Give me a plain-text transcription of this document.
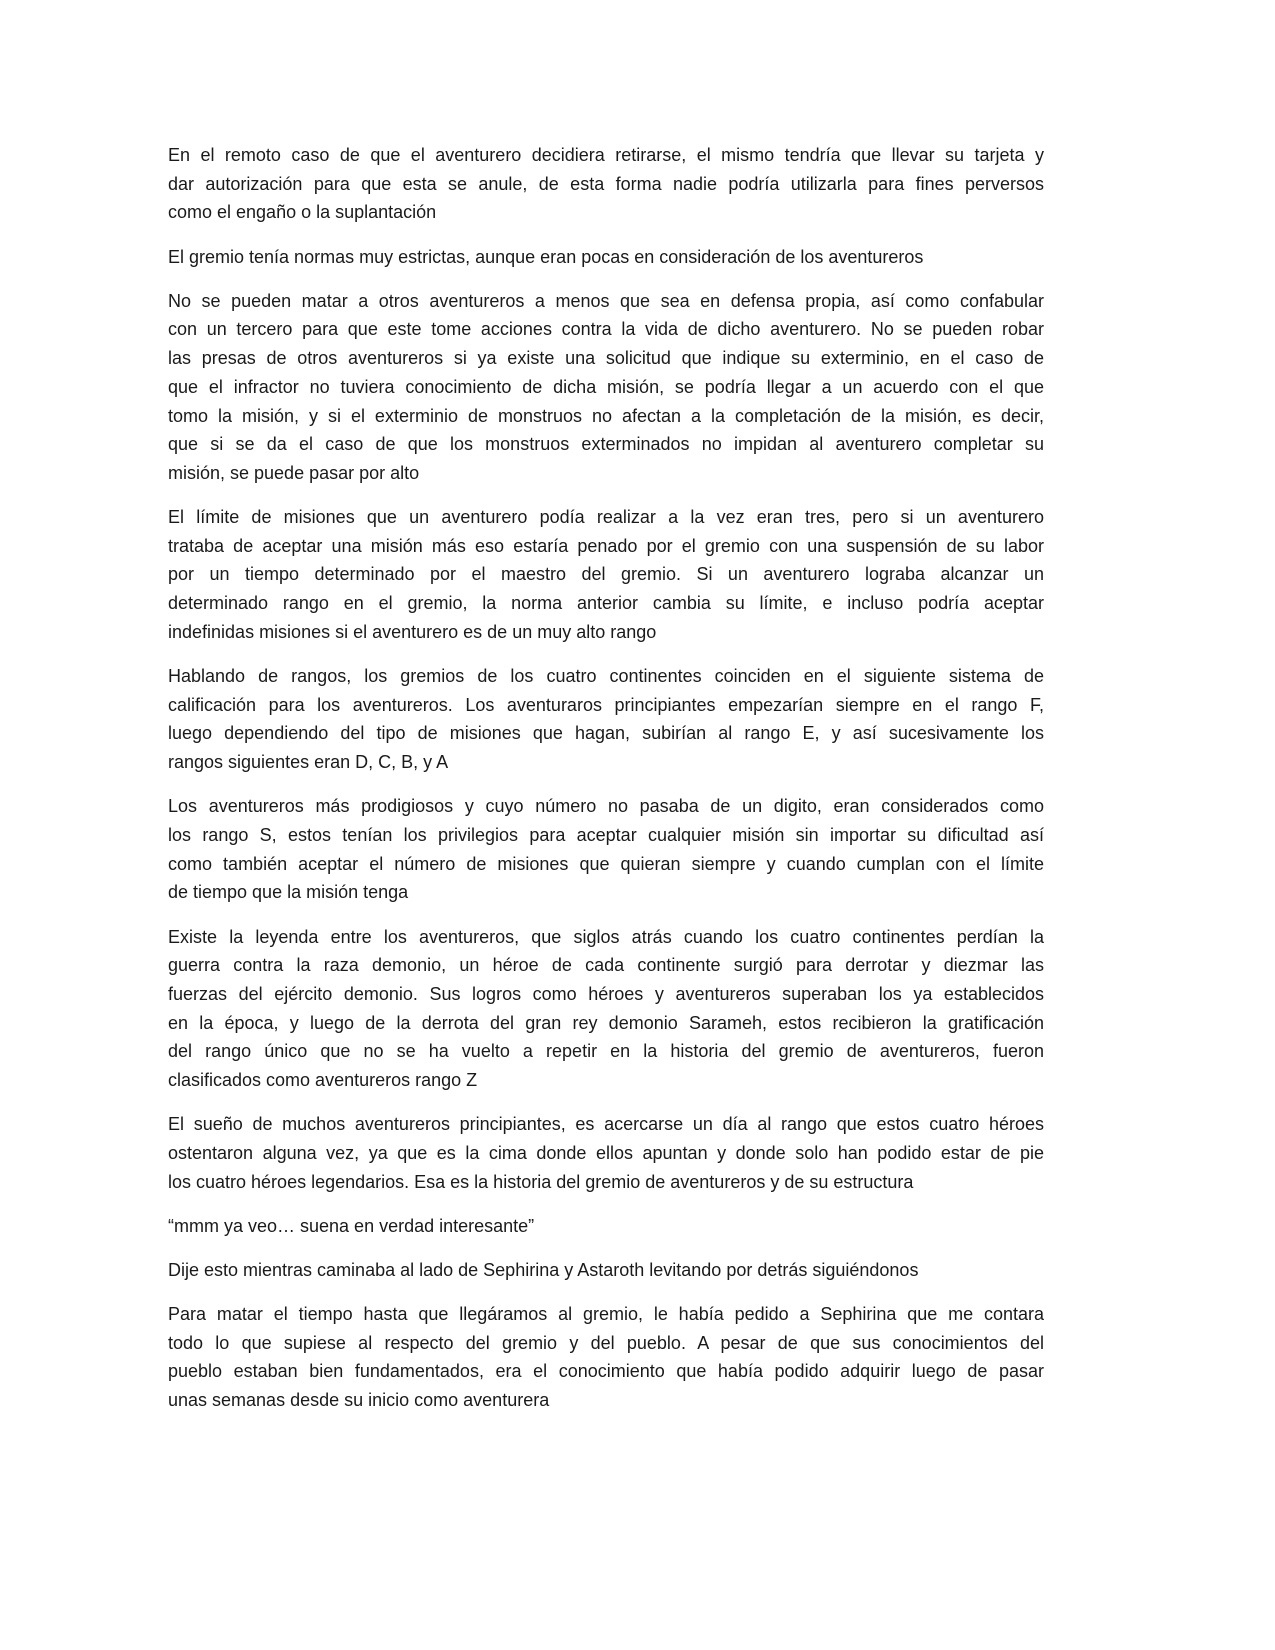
En el remoto caso de que el aventurero decidiera retirarse, el mismo tendría que llevar su tarjeta y
dar autorización para que esta se anule, de esta forma nadie podría utilizarla para fines perversos
como el engaño o la suplantación
El gremio tenía normas muy estrictas, aunque eran pocas en consideración de los aventureros
No se pueden matar a otros aventureros a menos que sea en defensa propia, así como confabular
con un tercero para que este tome acciones contra la vida de dicho aventurero. No se pueden robar
las presas de otros aventureros si ya existe una solicitud que indique su exterminio, en el caso de
que el infractor no tuviera conocimiento de dicha misión, se podría llegar a un acuerdo con el que
tomo la misión, y si el exterminio de monstruos no afectan a la completación de la misión, es decir,
que si se da el caso de que los monstruos exterminados no impidan al aventurero completar su
misión, se puede pasar por alto
El límite de misiones que un aventurero podía realizar a la vez eran tres, pero si un aventurero
trataba de aceptar una misión más eso estaría penado por el gremio con una suspensión de su labor
por un tiempo determinado por el maestro del gremio. Si un aventurero lograba alcanzar un
determinado rango en el gremio, la norma anterior cambia su límite, e incluso podría aceptar
indefinidas misiones si el aventurero es de un muy alto rango
Hablando de rangos, los gremios de los cuatro continentes coinciden en el siguiente sistema de
calificación para los aventureros. Los aventuraros principiantes empezarían siempre en el rango F,
luego dependiendo del tipo de misiones que hagan, subirían al rango E, y así sucesivamente los
rangos siguientes eran D, C, B, y A
Los aventureros más prodigiosos y cuyo número no pasaba de un digito, eran considerados como
los rango S, estos tenían los privilegios para aceptar cualquier misión sin importar su dificultad así
como también aceptar el número de misiones que quieran siempre y cuando cumplan con el límite
de tiempo que la misión tenga
Existe la leyenda entre los aventureros, que siglos atrás cuando los cuatro continentes perdían la
guerra contra la raza demonio, un héroe de cada continente surgió para derrotar y diezmar las
fuerzas del ejército demonio. Sus logros como héroes y aventureros superaban los ya establecidos
en la época, y luego de la derrota del gran rey demonio Sarameh, estos recibieron la gratificación
del rango único que no se ha vuelto a repetir en la historia del gremio de aventureros, fueron
clasificados como aventureros rango Z
El sueño de muchos aventureros principiantes, es acercarse un día al rango que estos cuatro héroes
ostentaron alguna vez, ya que es la cima donde ellos apuntan y donde solo han podido estar de pie
los cuatro héroes legendarios. Esa es la historia del gremio de aventureros y de su estructura
“mmm ya veo… suena en verdad interesante”
Dije esto mientras caminaba al lado de Sephirina y Astaroth levitando por detrás siguiéndonos
Para matar el tiempo hasta que llegáramos al gremio, le había pedido a Sephirina que me contara
todo lo que supiese al respecto del gremio y del pueblo. A pesar de que sus conocimientos del
pueblo estaban bien fundamentados, era el conocimiento que había podido adquirir luego de pasar
unas semanas desde su inicio como aventurera
